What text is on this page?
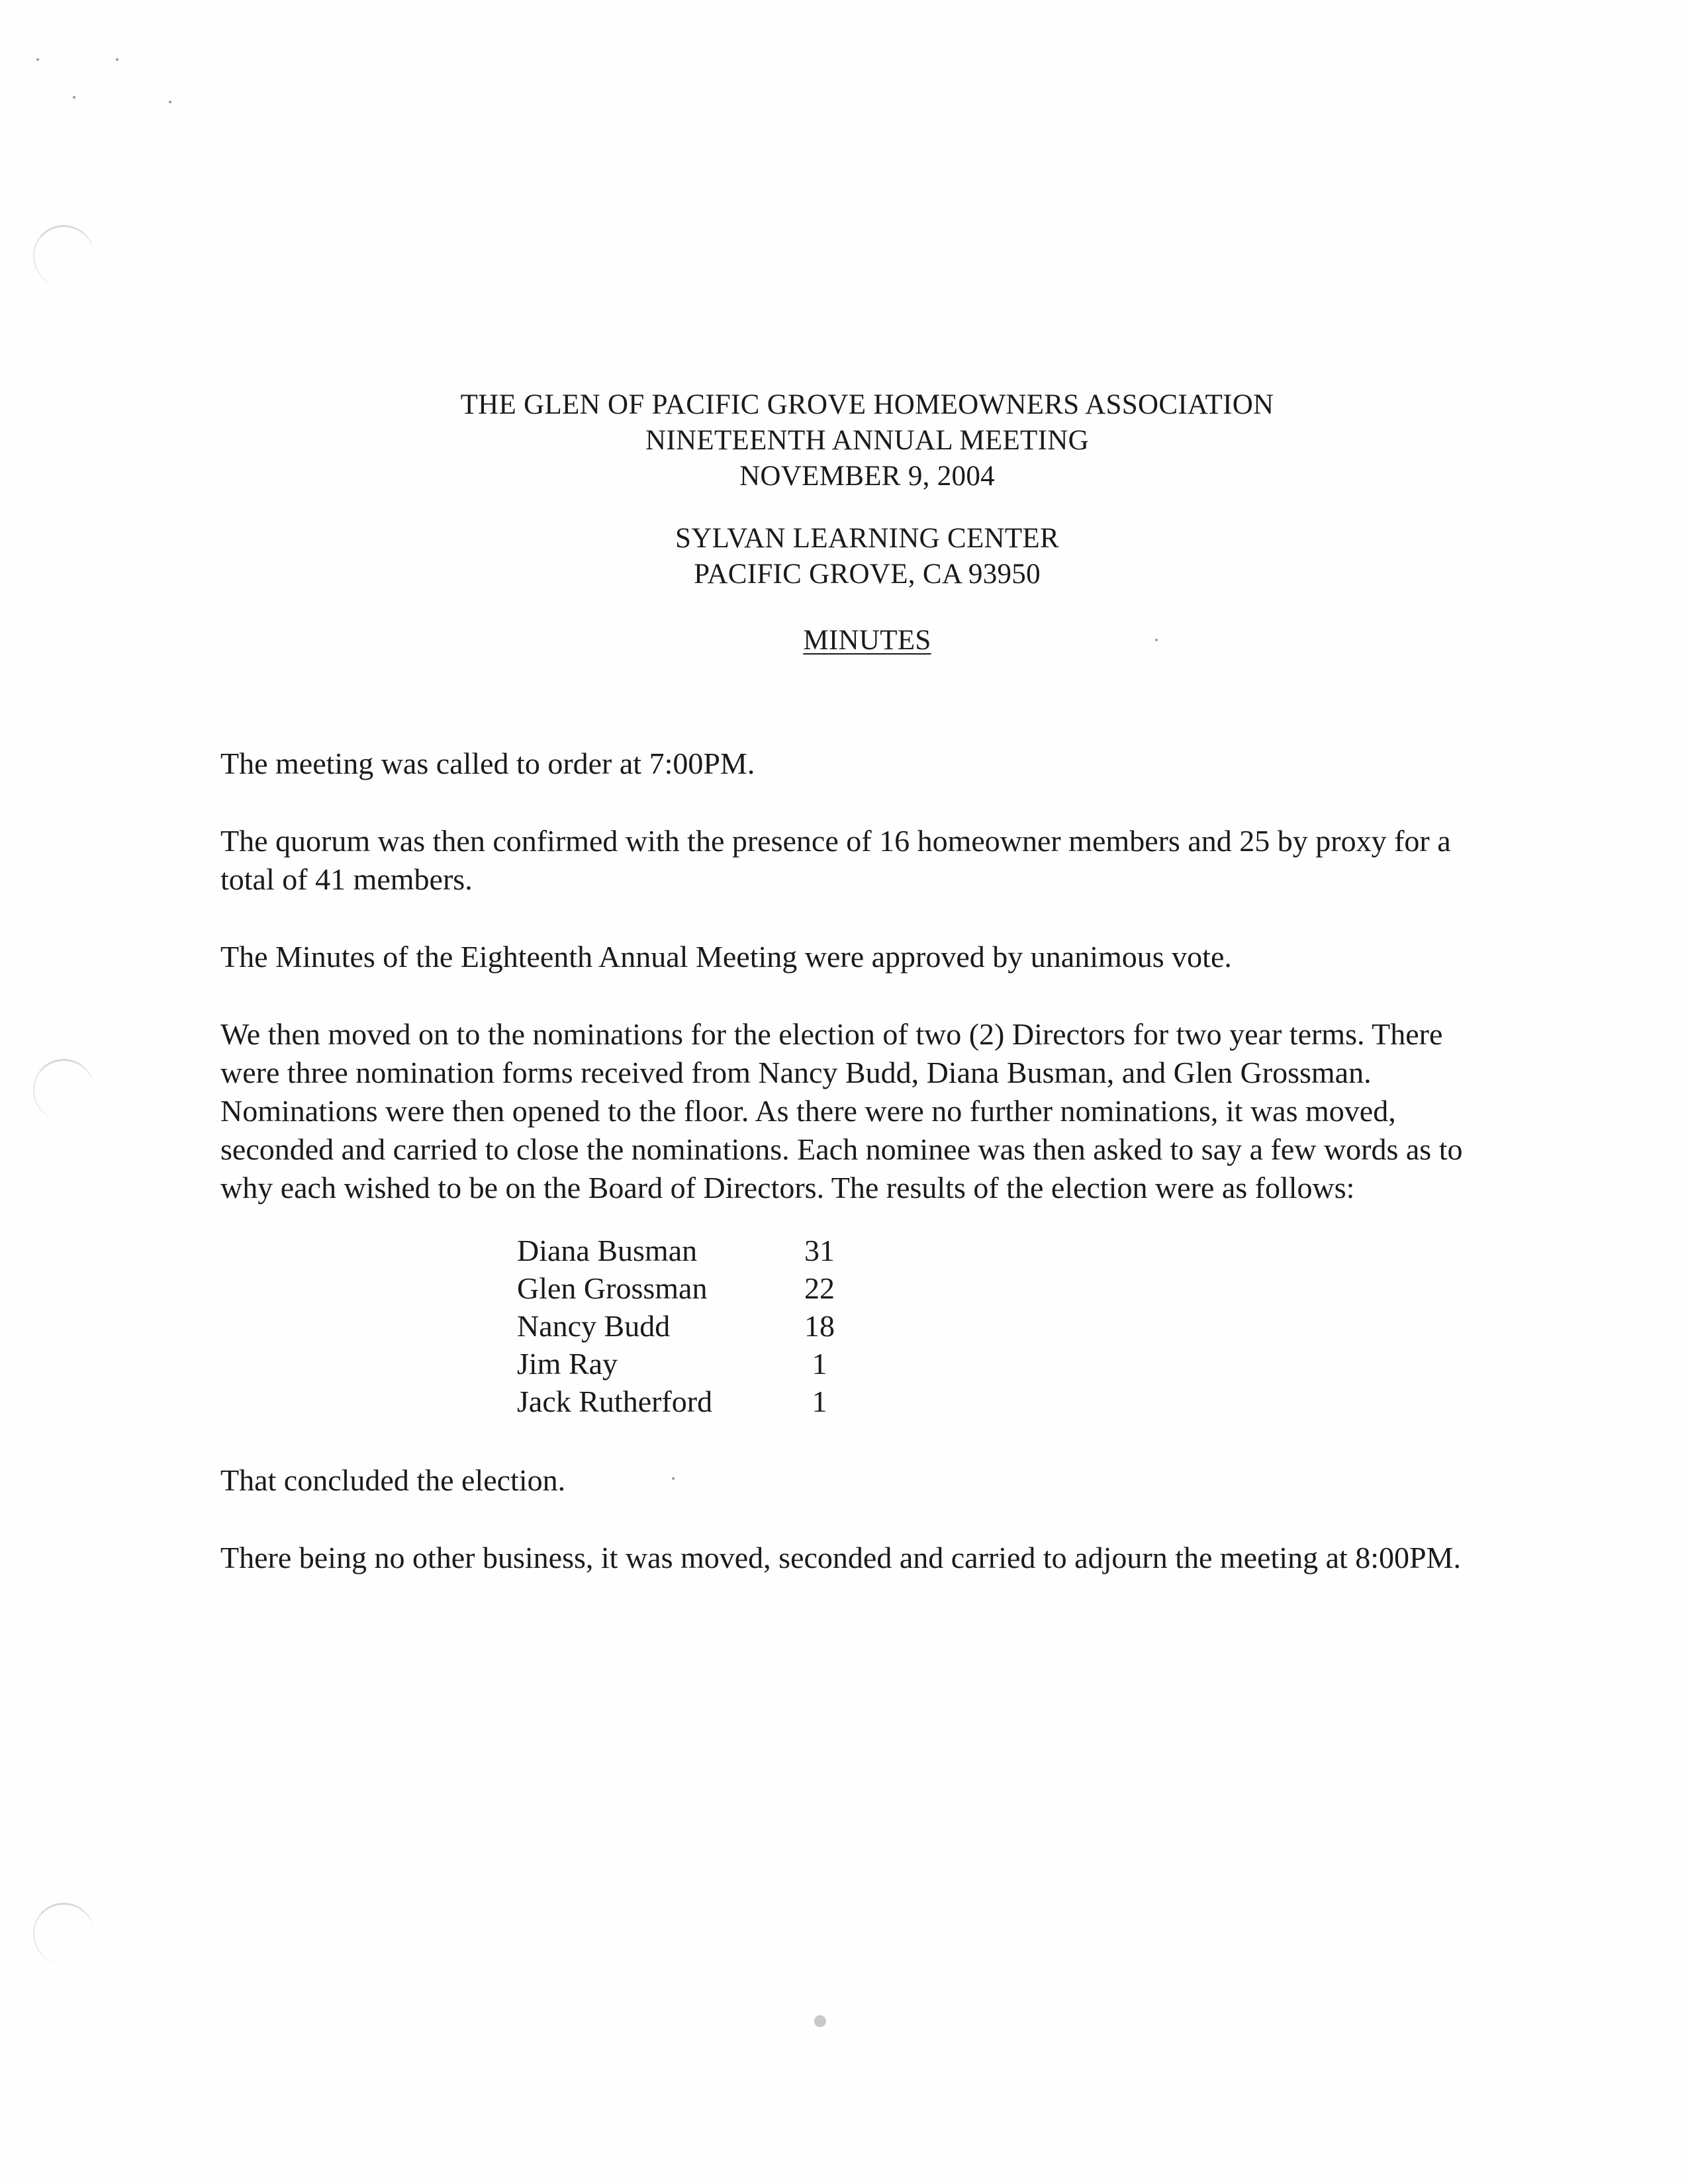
THE GLEN OF PACIFIC GROVE HOMEOWNERS ASSOCIATION
NINETEENTH ANNUAL MEETING
NOVEMBER 9, 2004
SYLVAN LEARNING CENTER
PACIFIC GROVE, CA 93950
MINUTES

The meeting was called to order at 7:00PM.

The quorum was then confirmed with the presence of 16 homeowner members and 25 by proxy for a total of 41 members.

The Minutes of the Eighteenth Annual Meeting were approved by unanimous vote.

We then moved on to the nominations for the election of two (2) Directors for two year terms. There were three nomination forms received from Nancy Budd, Diana Busman, and Glen Grossman. Nominations were then opened to the floor. As there were no further nominations, it was moved, seconded and carried to close the nominations. Each nominee was then asked to say a few words as to why each wished to be on the Board of Directors. The results of the election were as follows:

Diana Busman	31
Glen Grossman	22
Nancy Budd	18
Jim Ray	1
Jack Rutherford	1

That concluded the election.

There being no other business, it was moved, seconded and carried to adjourn the meeting at 8:00PM.
